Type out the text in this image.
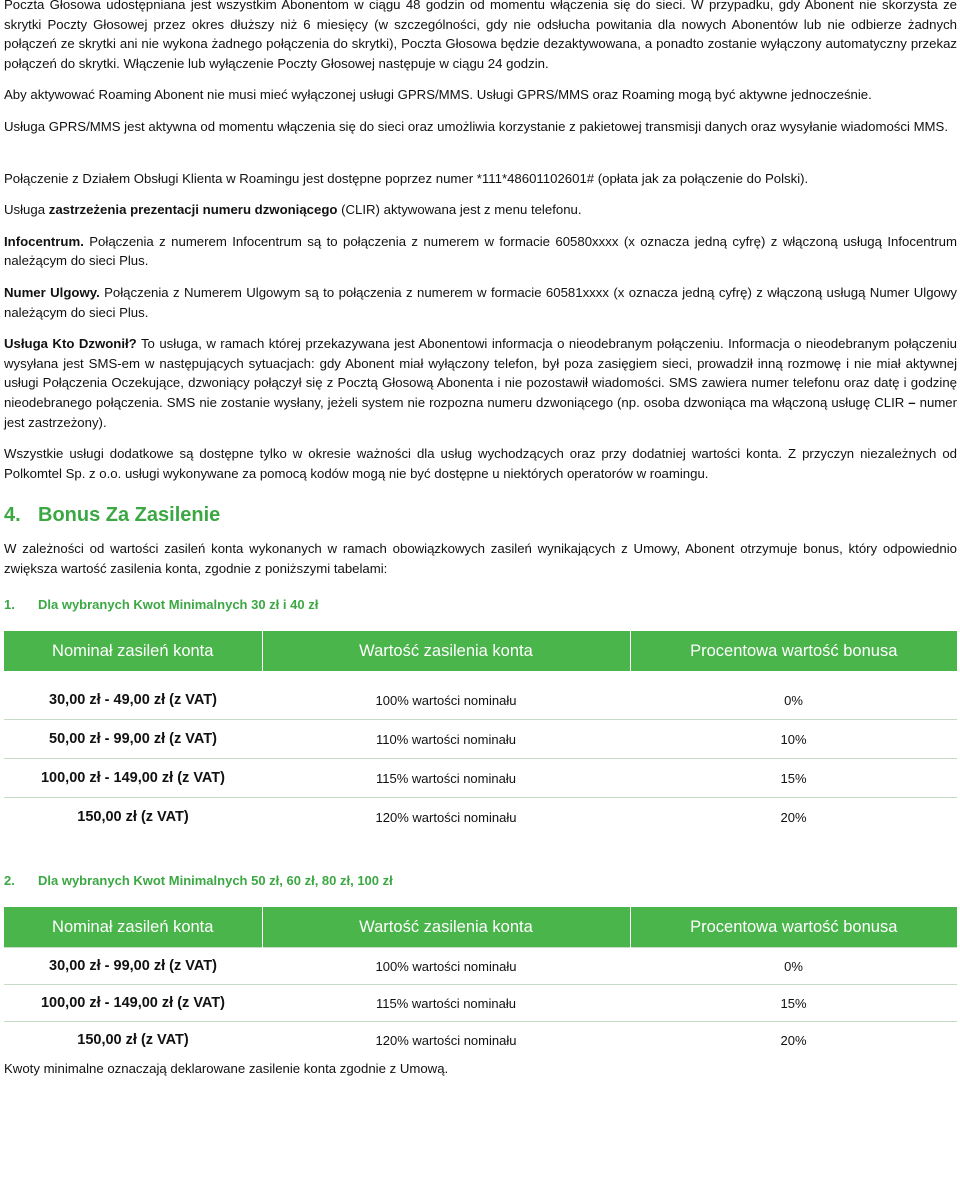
Poczta Głosowa udostępniana jest wszystkim Abonentom w ciągu 48 godzin od momentu włączenia się do sieci. W przypadku, gdy Abonent nie skorzysta ze skrytki Poczty Głosowej przez okres dłuższy niż 6 miesięcy (w szczególności, gdy nie odsłucha powitania dla nowych Abonentów lub nie odbierze żadnych połączeń ze skrytki ani nie wykona żadnego połączenia do skrytki), Poczta Głosowa będzie dezaktywowana, a ponadto zostanie wyłączony automatyczny przekaz połączeń do skrytki. Włączenie lub wyłączenie Poczty Głosowej następuje w ciągu 24 godzin.

Aby aktywować Roaming Abonent nie musi mieć wyłączonej usługi GPRS/MMS. Usługi GPRS/MMS oraz Roaming mogą być aktywne jednocześnie.

Usługa GPRS/MMS jest aktywna od momentu włączenia się do sieci oraz umożliwia korzystanie z pakietowej transmisji danych oraz wysyłanie wiadomości MMS.

Połączenie z Działem Obsługi Klienta w Roamingu jest dostępne poprzez numer *111*48601102601# (opłata jak za połączenie do Polski).

Usługa zastrzeżenia prezentacji numeru dzwoniącego (CLIR) aktywowana jest z menu telefonu.

Infocentrum. Połączenia z numerem Infocentrum są to połączenia z numerem w formacie 60580xxxx (x oznacza jedną cyfrę) z włączoną usługą Infocentrum należącym do sieci Plus.

Numer Ulgowy. Połączenia z Numerem Ulgowym są to połączenia z numerem w formacie 60581xxxx (x oznacza jedną cyfrę) z włączoną usługą Numer Ulgowy należącym do sieci Plus.

Usługa Kto Dzwonił? To usługa, w ramach której przekazywana jest Abonentowi informacja o nieodebranym połączeniu. Informacja o nieodebranym połączeniu wysyłana jest SMS-em w następujących sytuacjach: gdy Abonent miał wyłączony telefon, był poza zasięgiem sieci, prowadził inną rozmowę i nie miał aktywnej usługi Połączenia Oczekujące, dzwoniący połączył się z Pocztą Głosową Abonenta i nie pozostawił wiadomości. SMS zawiera numer telefonu oraz datę i godzinę nieodebranego połączenia. SMS nie zostanie wysłany, jeżeli system nie rozpozna numeru dzwoniącego (np. osoba dzwoniąca ma włączoną usługę CLIR – numer jest zastrzeżony).

Wszystkie usługi dodatkowe są dostępne tylko w okresie ważności dla usług wychodzących oraz przy dodatniej wartości konta. Z przyczyn niezależnych od Polkomtel Sp. z o.o. usługi wykonywane za pomocą kodów mogą nie być dostępne u niektórych operatorów w roamingu.

4. Bonus Za Zasilenie

W zależności od wartości zasileń konta wykonanych w ramach obowiązkowych zasileń wynikających z Umowy, Abonent otrzymuje bonus, który odpowiednio zwiększa wartość zasilenia konta, zgodnie z poniższymi tabelami:

1. Dla wybranych Kwot Minimalnych 30 zł i 40 zł
Nominał zasileń konta	Wartość zasilenia konta	Procentowa wartość bonusa
30,00 zł - 49,00 zł (z VAT)	100% wartości nominału	0%
50,00 zł - 99,00 zł (z VAT)	110% wartości nominału	10%
100,00 zł - 149,00 zł (z VAT)	115% wartości nominału	15%
150,00 zł (z VAT)	120% wartości nominału	20%
2. Dla wybranych Kwot Minimalnych 50 zł, 60 zł, 80 zł, 100 zł
Nominał zasileń konta	Wartość zasilenia konta	Procentowa wartość bonusa
30,00 zł - 99,00 zł (z VAT)	100% wartości nominału	0%
100,00 zł - 149,00 zł (z VAT)	115% wartości nominału	15%
150,00 zł (z VAT)	120% wartości nominału	20%
Kwoty minimalne oznaczają deklarowane zasilenie konta zgodnie z Umową.
